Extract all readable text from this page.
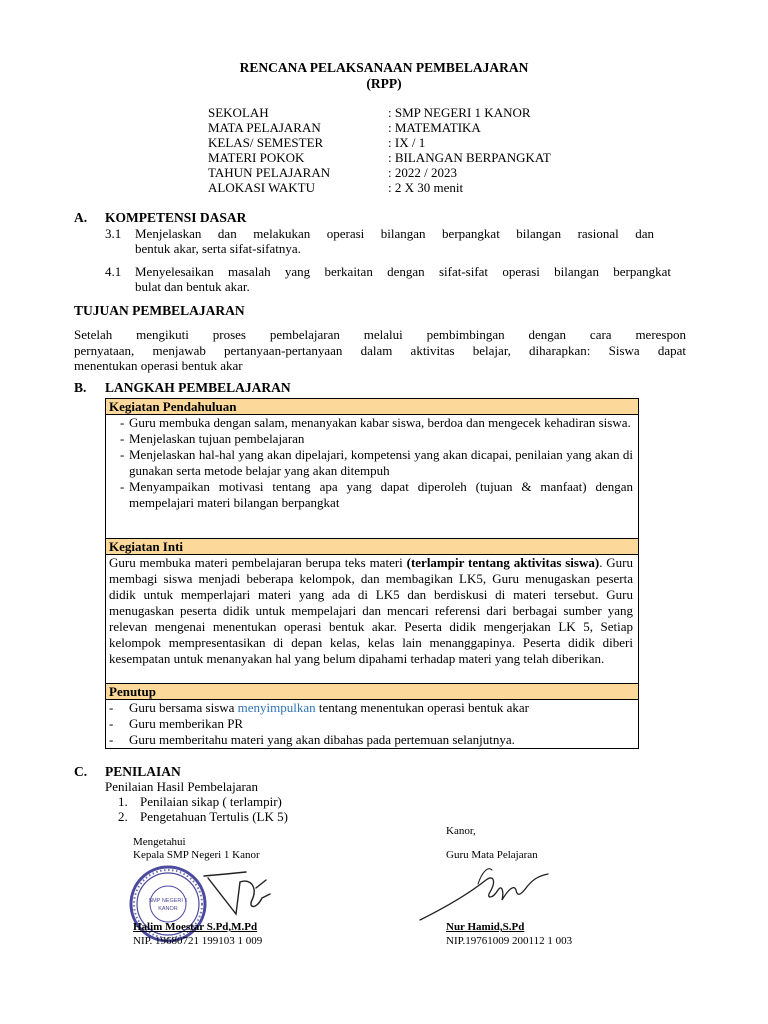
RENCANA PELAKSANAAN PEMBELAJARAN
(RPP)
SEKOLAH	: SMP NEGERI 1 KANOR
MATA PELAJARAN	: MATEMATIKA
KELAS/ SEMESTER	: IX / 1
MATERI POKOK	: BILANGAN BERPANGKAT
TAHUN PELAJARAN	: 2022 / 2023
ALOKASI WAKTU	: 2 X 30 menit
A. KOMPETENSI DASAR
3.1 Menjelaskan dan melakukan operasi bilangan berpangkat bilangan rasional dan
bentuk akar, serta sifat-sifatnya.
4.1 Menyelesaikan masalah yang berkaitan dengan sifat-sifat operasi bilangan berpangkat
bulat dan bentuk akar.
TUJUAN PEMBELAJARAN
Setelah mengikuti proses pembelajaran melalui pembimbingan dengan cara merespon
pernyataan, menjawab pertanyaan-pertanyaan dalam aktivitas belajar, diharapkan: Siswa dapat
menentukan operasi bentuk akar
B. LANGKAH PEMBELAJARAN
Kegiatan Pendahuluan
- Guru membuka dengan salam, menanyakan kabar siswa, berdoa dan mengecek kehadiran siswa.
- Menjelaskan tujuan pembelajaran
- Menjelaskan hal-hal yang akan dipelajari, kompetensi yang akan dicapai, penilaian yang akan di gunakan serta metode belajar yang akan ditempuh
- Menyampaikan motivasi tentang apa yang dapat diperoleh (tujuan & manfaat) dengan mempelajari materi bilangan berpangkat
Kegiatan Inti
Guru membuka materi pembelajaran berupa teks materi (terlampir tentang aktivitas siswa). Guru membagi siswa menjadi beberapa kelompok, dan membagikan LK5, Guru menugaskan peserta didik untuk memperlajari materi yang ada di LK5 dan berdiskusi di materi tersebut. Guru menugaskan peserta didik untuk mempelajari dan mencari referensi dari berbagai sumber yang relevan mengenai menentukan operasi bentuk akar. Peserta didik mengerjakan LK 5, Setiap kelompok mempresentasikan di depan kelas, kelas lain menanggapinya. Peserta didik diberi kesempatan untuk menanyakan hal yang belum dipahami terhadap materi yang telah diberikan.
Penutup
- Guru bersama siswa menyimpulkan tentang menentukan operasi bentuk akar
- Guru memberikan PR
- Guru memberitahu materi yang akan dibahas pada pertemuan selanjutnya.
C. PENILAIAN
Penilaian Hasil Pembelajaran
1. Penilaian sikap ( terlampir)
2. Pengetahuan Tertulis (LK 5)
Kanor,
Mengetahui
Kepala SMP Negeri 1 Kanor	Guru Mata Pelajaran
SMP NEGERI 1
KANOR
Halim Moestar S.Pd,M.Pd
NIP. 19680721 199103 1 009
Nur Hamid,S.Pd
NIP.19761009 200112 1 003
